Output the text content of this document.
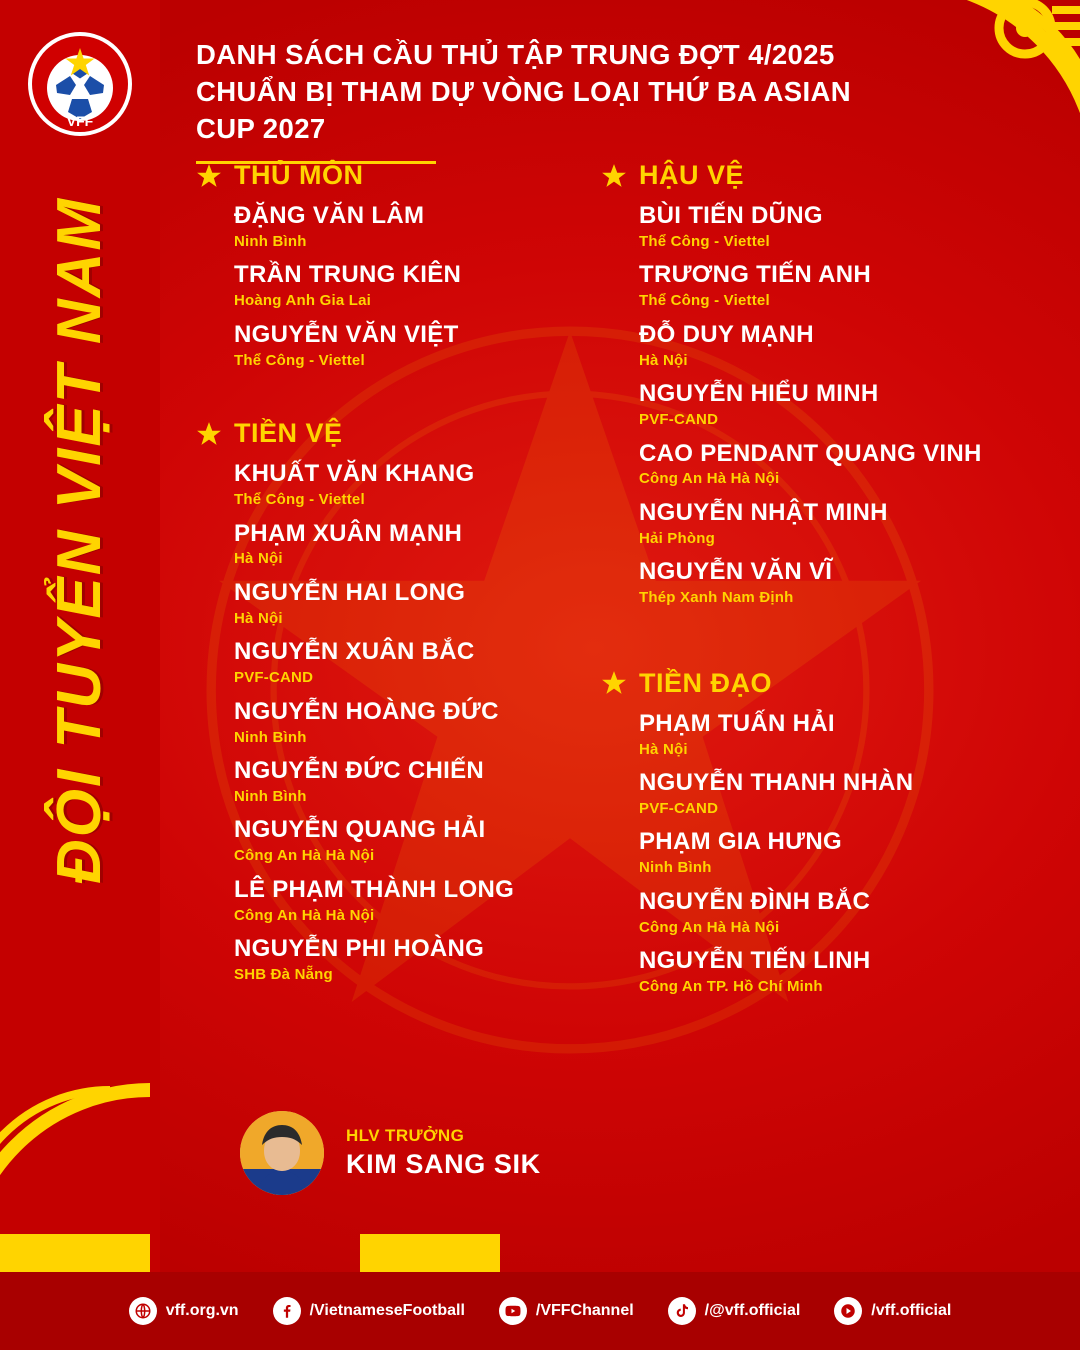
ĐỘI TUYỂN VIỆT NAM
VFF
DANH SÁCH CẦU THỦ TẬP TRUNG ĐỢT 4/2025
CHUẨN BỊ THAM DỰ VÒNG LOẠI THỨ BA ASIAN CUP 2027
THỦ MÔN
ĐẶNG VĂN LÂM
Ninh Bình
TRẦN TRUNG KIÊN
Hoàng Anh Gia Lai
NGUYỄN VĂN VIỆT
Thể Công - Viettel
TIỀN VỆ
KHUẤT VĂN KHANG
Thể Công - Viettel
PHẠM XUÂN MẠNH
Hà Nội
NGUYỄN HAI LONG
Hà Nội
NGUYỄN XUÂN BẮC
PVF-CAND
NGUYỄN HOÀNG ĐỨC
Ninh Bình
NGUYỄN ĐỨC CHIẾN
Ninh Bình
NGUYỄN QUANG HẢI
Công An Hà Hà Nội
LÊ PHẠM THÀNH LONG
Công An Hà Hà Nội
NGUYỄN PHI HOÀNG
SHB Đà Nẵng
HẬU VỆ
BÙI TIẾN DŨNG
Thể Công - Viettel
TRƯƠNG TIẾN ANH
Thể Công - Viettel
ĐỖ DUY MẠNH
Hà Nội
NGUYỄN HIỂU MINH
PVF-CAND
CAO PENDANT QUANG VINH
Công An Hà Hà Nội
NGUYỄN NHẬT MINH
Hải Phòng
NGUYỄN VĂN VĨ
Thép Xanh Nam Định
TIỀN ĐẠO
PHẠM TUẤN HẢI
Hà Nội
NGUYỄN THANH NHÀN
PVF-CAND
PHẠM GIA HƯNG
Ninh Bình
NGUYỄN ĐÌNH BẮC
Công An Hà Hà Nội
NGUYỄN TIẾN LINH
Công An TP. Hồ Chí Minh
HLV TRƯỞNG
KIM SANG SIK
vff.org.vn	/VietnameseFootball	/VFFChannel	/@vff.official	/vff.official
